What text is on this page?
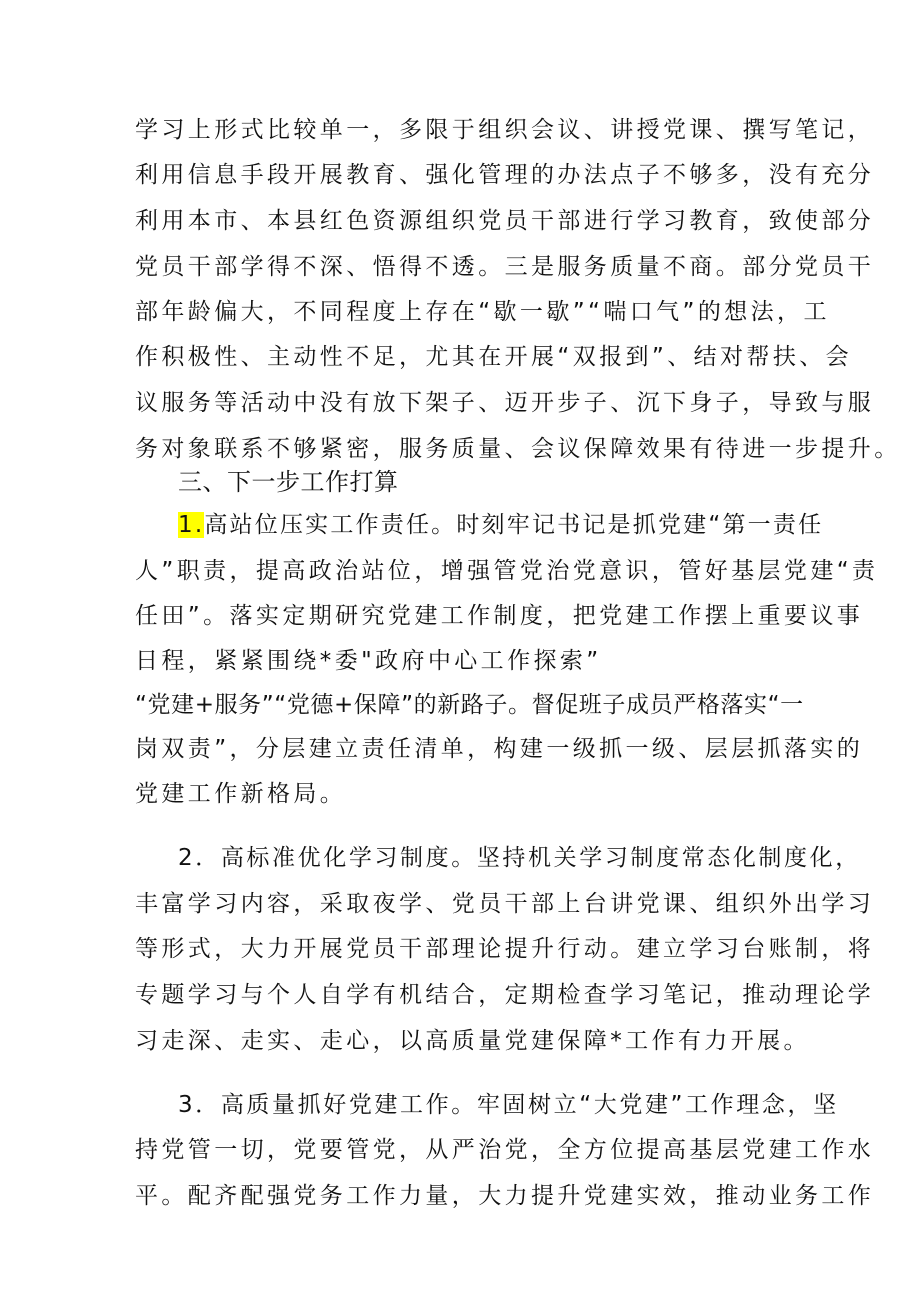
学习上形式比较单一，多限于组织会议、讲授党课、撰写笔记，
利用信息手段开展教育、强化管理的办法点子不够多，没有充分
利用本市、本县红色资源组织党员干部进行学习教育，致使部分
党员干部学得不深、悟得不透。三是服务质量不商。部分党员干
部年龄偏大，不同程度上存在“歇一歇”“喘口气”的想法，工
作积极性、主动性不足，尤其在开展“双报到”、结对帮扶、会
议服务等活动中没有放下架子、迈开步子、沉下身子，导致与服
务对象联系不够紧密，服务质量、会议保障效果有待进一步提升。
三、下一步工作打算
1.高站位压实工作责任。时刻牢记书记是抓党建“第一责任
人”职责，提高政治站位，增强管党治党意识，管好基层党建“责
任田”。落实定期研究党建工作制度，把党建工作摆上重要议事
日程，紧紧围绕*委"政府中心工作探索”
“党建+服务”“党德+保障”的新路子。督促班子成员严格落实“一
岗双责”，分层建立责任清单，构建一级抓一级、层层抓落实的
党建工作新格局。
2．高标准优化学习制度。坚持机关学习制度常态化制度化，
丰富学习内容，采取夜学、党员干部上台讲党课、组织外出学习
等形式，大力开展党员干部理论提升行动。建立学习台账制，将
专题学习与个人自学有机结合，定期检查学习笔记，推动理论学
习走深、走实、走心，以高质量党建保障*工作有力开展。
3．高质量抓好党建工作。牢固树立“大党建”工作理念，坚
持党管一切，党要管党，从严治党，全方位提高基层党建工作水
平。配齐配强党务工作力量，大力提升党建实效，推动业务工作
